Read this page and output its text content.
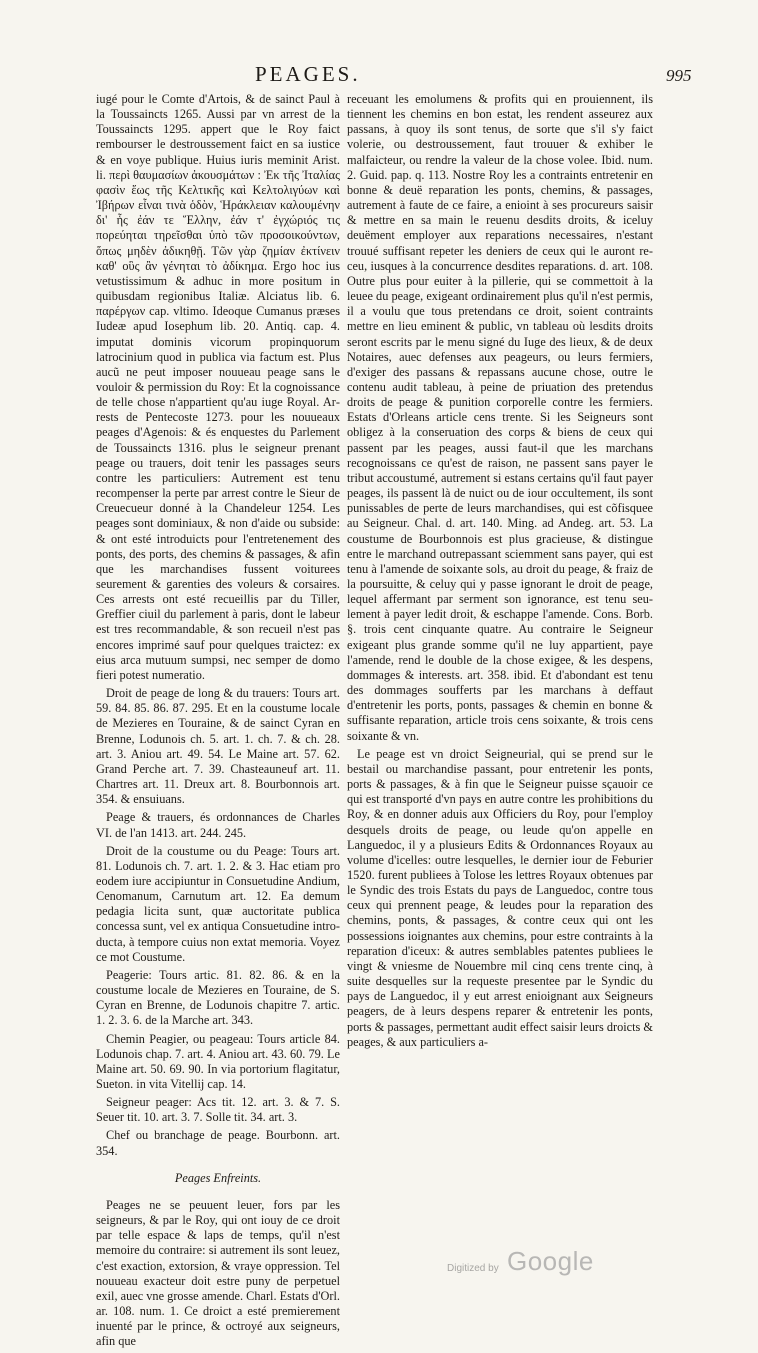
PEAGES.	995

iugé pour le Comte d'Artois, & de sainct Paul à la Toussaincts 1265. Aussi par vn arrest de la Toussaincts 1295. appert que le Roy faict rembourser le destroussement faict en sa iustice & en voye publique. Huius iuris meminit Arist. li. περὶ θαυμασίων ἀκουσμάτων : Ἐκ τῆς Ἰταλίας φασὶν ἕως τῆς Κελτικῆς καὶ Κελτολιγύων καὶ Ἰβήρων εἶναι τινὰ ὁδὸν, Ἡράκλειαν καλουμένην δι' ἧς ἐάν τε Ἕλλην, ἐάν τ' ἐγχώριός τις πορεύηται τηρεῖσθαι ὑπὸ τῶν προσοικούντων, ὅπως μηδὲν ἀδικηθῇ. Τῶν γὰρ ζημίαν ἐκτίνειν καθ' οὓς ἂν γένηται τὸ ἀδίκημα. Ergo hoc ius vetustissimum & adhuc in more positum in quibusdam regionibus Italiæ. Alciatus lib. 6. παρέργων cap. vltimo. Ideoque Cumanus præses Iudeæ apud Iosephum lib. 20. Antiq. cap. 4. imputat dominis vicorum propinquorum latrocinium quod in publica via factum est. Plus aucũ ne peut imposer nouueau peage sans le vouloir & permission du Roy: Et la cognoissance de telle chose n'appartient qu'au iuge Royal. Arrests de Pentecoste 1273. pour les nouueaux peages d'Agenois: & és enquestes du Parlement de Toussaincts 1316. plus le seigneur prenant peage ou trauers, doit tenir les passages seurs contre les particuliers: Autrement est tenu recompenser la perte par arrest contre le Sieur de Creuecueur donné à la Chandeleur 1254. Les peages sont dominiaux, & non d'aide ou subside: & ont esté introduicts pour l'entretenement des ponts, des ports, des chemins & passages, & afin que les marchandises fussent voiturees seurement & garenties des voleurs & corsaires. Ces arrests ont esté recueillis par du Tiller, Greffier ciuil du parlement à paris, dont le labeur est tres recommandable, & son recueil n'est pas encores imprimé sauf pour quelques traictez: ex eius arca mutuum sumpsi, nec semper de domo fieri potest numeratio.

Droit de peage de long & du trauers: Tours art. 59. 84. 85. 86. 87. 295. Et en la coustume locale de Mezieres en Touraine, & de sainct Cyran en Brenne, Lodunois ch. 5. art. 1. ch. 7. & ch. 28. art. 3. Aniou art. 49. 54. Le Maine art. 57. 62. Grand Perche art. 7. 39. Chasteauneuf art. 11. Chartres art. 11. Dreux art. 8. Bourbonnois art. 354. & ensuiuans.

Peage & trauers, és ordonnances de Charles VI. de l'an 1413. art. 244. 245.

Droit de la coustume ou du Peage: Tours art. 81. Lodunois ch. 7. art. 1. 2. & 3. Hac etiam pro eodem iure accipiuntur in Consuetudine Andium, Cenomanum, Carnutum art. 12. Ea demum pedagia licita sunt, quæ auctoritate publica concessa sunt, vel ex antiqua Consuetudine introducta, à tempore cuius non extat memoria. Voyez ce mot Coustume.

Peagerie: Tours artic. 81. 82. 86. & en la coustume locale de Mezieres en Touraine, de S. Cyran en Brenne, de Lodunois chapitre 7. artic. 1. 2. 3. 6. de la Marche art. 343.

Chemin Peagier, ou peageau: Tours article 84. Lodunois chap. 7. art. 4. Aniou art. 43. 60. 79. Le Maine art. 50. 69. 90. In via portorium flagitatur, Sueton. in vita Vitellij cap. 14.

Seigneur peager: Acs tit. 12. art. 3. & 7. S. Seuer tit. 10. art. 3. 7. Solle tit. 34. art. 3.

Chef ou branchage de peage. Bourbonn. art. 354.

Peages Enfreints.

Peages ne se peuuent leuer, fors par les seigneurs, & par le Roy, qui ont iouy de ce droit par telle espace & laps de temps, qu'il n'est memoire du contraire: si autrement ils sont leuez, c'est exaction, extorsion, & vraye oppression. Tel nouueau exacteur doit estre puny de perpetuel exil, auec vne grosse amende. Charl. Estats d'Orl. ar. 108. num. 1. Ce droict a esté premierement inuenté par le prince, & octroyé aux seigneurs, afin que

receuant les emolumens & profits qui en prouiennent, ils tiennent les chemins en bon estat, les rendent asseurez aux passans, à quoy ils sont tenus, de sorte que s'il s'y faict volerie, ou destroussement, faut trouuer & exhiber le malfaicteur, ou rendre la valeur de la chose volee. Ibid. num. 2. Guid. pap. q. 113. Nostre Roy les a contraints entretenir en bonne & deuë reparation les ponts, chemins, & passages, autrement à faute de ce faire, a enioint à ses procureurs saisir & mettre en sa main le reuenu desdits droits, & iceluy deuëment employer aux reparations necessaires, n'estant trouué suffisant repeter les deniers de ceux qui le auront receu, iusques à la concurrence desdites reparations. d. art. 108. Outre plus pour euiter à la pillerie, qui se commettoit à la leuee du peage, exigeant ordinairement plus qu'il n'est permis, il a voulu que tous pretendans ce droit, soient contraints mettre en lieu eminent & public, vn tableau où lesdits droits seront escrits par le menu signé du Iuge des lieux, & de deux Notaires, auec defenses aux peageurs, ou leurs fermiers, d'exiger des passans & repassans aucune chose, outre le contenu audit tableau, à peine de priuation des pretendus droits de peage & punition corporelle contre les fermiers. Estats d'Orleans article cens trente. Si les Seigneurs sont obligez à la conseruation des corps & biens de ceux qui passent par les peages, aussi faut-il que les marchans recognoissans ce qu'est de raison, ne passent sans payer le tribut accoustumé, autrement si estans certains qu'il faut payer peages, ils passent là de nuict ou de iour occultement, ils sont punissables de perte de leurs marchandises, qui est cõfisquee au Seigneur. Chal. d. art. 140. Ming. ad Andeg. art. 53. La coustume de Bourbonnois est plus gracieuse, & distingue entre le marchand outrepassant sciemment sans payer, qui est tenu à l'amende de soixante sols, au droit du peage, & fraiz de la poursuitte, & celuy qui y passe ignorant le droit de peage, lequel affermant par serment son ignorance, est tenu seulement à payer ledit droit, & eschappe l'amende. Cons. Borb. §. trois cent cinquante quatre. Au contraire le Seigneur exigeant plus grande somme qu'il ne luy appartient, paye l'amende, rend le double de la chose exigee, & les despens, dommages & interests. art. 358. ibid. Et d'abondant est tenu des dommages soufferts par les marchans à deffaut d'entretenir les ports, ponts, passages & chemin en bonne & suffisante reparation, article trois cens soixante, & trois cens soixante & vn.

Le peage est vn droict Seigneurial, qui se prend sur le bestail ou marchandise passant, pour entretenir les ponts, ports & passages, & à fin que le Seigneur puisse sçauoir ce qui est transporté d'vn pays en autre contre les prohibitions du Roy, & en donner aduis aux Officiers du Roy, pour l'employ desquels droits de peage, ou leude qu'on appelle en Languedoc, il y a plusieurs Edits & Ordonnances Royaux au volume d'icelles: outre lesquelles, le dernier iour de Feburier 1520. furent publiees à Tolose les lettres Royaux obtenues par le Syndic des trois Estats du pays de Languedoc, contre tous ceux qui prennent peage, & leudes pour la reparation des chemins, ponts, & passages, & contre ceux qui ont les possessions ioignantes aux chemins, pour estre contraints à la reparation d'iceux: & autres semblables patentes publiees le vingt & vniesme de Nouembre mil cinq cens trente cinq, à suite desquelles sur la requeste presentee par le Syndic du pays de Languedoc, il y eut arrest enioignant aux Seigneurs peagers, de à leurs despens reparer & entretenir les ponts, ports & passages, permettant audit effect saisir leurs droicts & peages, & aux particuliers a-

Digitized by Google
